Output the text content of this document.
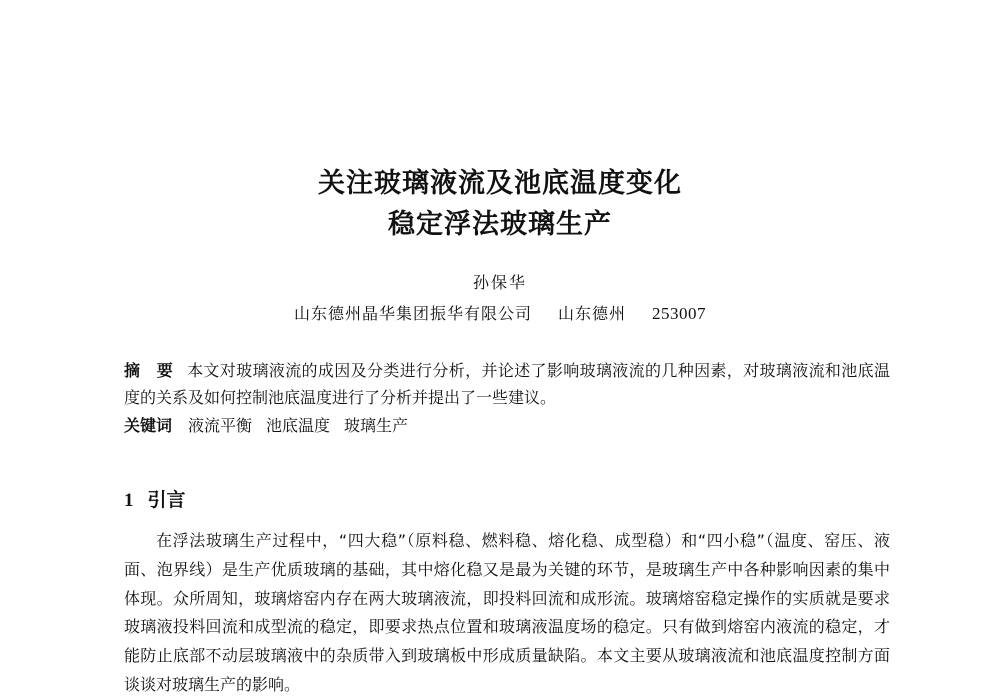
关注玻璃液流及池底温度变化
稳定浮法玻璃生产
孙保华
山东德州晶华集团振华有限公司 山东德州 253007
摘　要 本文对玻璃液流的成因及分类进行分析，并论述了影响玻璃液流的几种因素，对玻璃液流和池底温度的关系及如何控制池底温度进行了分析并提出了一些建议。
关键词 液流平衡 池底温度 玻璃生产
1 引言
在浮法玻璃生产过程中，“四大稳”（原料稳、燃料稳、熔化稳、成型稳）和“四小稳”（温度、窑压、液面、泡界线）是生产优质玻璃的基础，其中熔化稳又是最为关键的环节，是玻璃生产中各种影响因素的集中体现。众所周知，玻璃熔窑内存在两大玻璃液流，即投料回流和成形流。玻璃熔窑稳定操作的实质就是要求玻璃液投料回流和成型流的稳定，即要求热点位置和玻璃液温度场的稳定。只有做到熔窑内液流的稳定，才能防止底部不动层玻璃液中的杂质带入到玻璃板中形成质量缺陷。本文主要从玻璃液流和池底温度控制方面谈谈对玻璃生产的影响。
